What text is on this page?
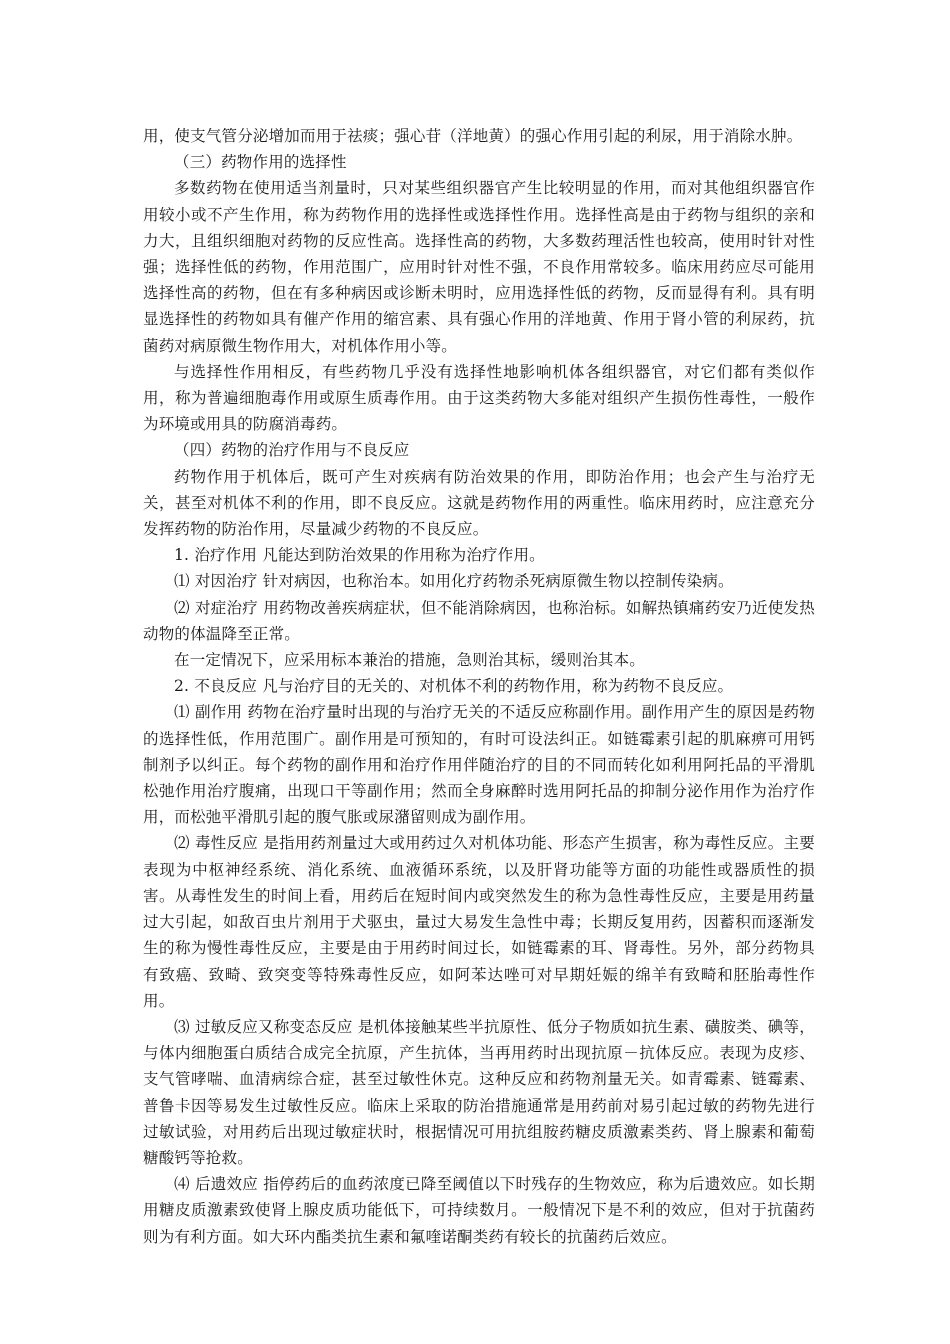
用，使支气管分泌增加而用于祛痰；强心苷（洋地黄）的强心作用引起的利尿，用于消除水肿。

（三）药物作用的选择性

多数药物在使用适当剂量时，只对某些组织器官产生比较明显的作用，而对其他组织器官作用较小或不产生作用，称为药物作用的选择性或选择性作用。选择性高是由于药物与组织的亲和力大，且组织细胞对药物的反应性高。选择性高的药物，大多数药理活性也较高，使用时针对性强；选择性低的药物，作用范围广，应用时针对性不强，不良作用常较多。临床用药应尽可能用选择性高的药物，但在有多种病因或诊断未明时，应用选择性低的药物，反而显得有利。具有明显选择性的药物如具有催产作用的缩宫素、具有强心作用的洋地黄、作用于肾小管的利尿药，抗菌药对病原微生物作用大，对机体作用小等。

与选择性作用相反，有些药物几乎没有选择性地影响机体各组织器官，对它们都有类似作用，称为普遍细胞毒作用或原生质毒作用。由于这类药物大多能对组织产生损伤性毒性，一般作为环境或用具的防腐消毒药。

（四）药物的治疗作用与不良反应

药物作用于机体后，既可产生对疾病有防治效果的作用，即防治作用；也会产生与治疗无关，甚至对机体不利的作用，即不良反应。这就是药物作用的两重性。临床用药时，应注意充分发挥药物的防治作用，尽量减少药物的不良反应。

1. 治疗作用 凡能达到防治效果的作用称为治疗作用。

⑴ 对因治疗 针对病因，也称治本。如用化疗药物杀死病原微生物以控制传染病。

⑵ 对症治疗 用药物改善疾病症状，但不能消除病因，也称治标。如解热镇痛药安乃近使发热动物的体温降至正常。

在一定情况下，应采用标本兼治的措施，急则治其标，缓则治其本。

2. 不良反应 凡与治疗目的无关的、对机体不利的药物作用，称为药物不良反应。

⑴ 副作用 药物在治疗量时出现的与治疗无关的不适反应称副作用。副作用产生的原因是药物的选择性低，作用范围广。副作用是可预知的，有时可设法纠正。如链霉素引起的肌麻痹可用钙制剂予以纠正。每个药物的副作用和治疗作用伴随治疗的目的不同而转化如利用阿托品的平滑肌松弛作用治疗腹痛，出现口干等副作用；然而全身麻醉时选用阿托品的抑制分泌作用作为治疗作用，而松弛平滑肌引起的腹气胀或尿潴留则成为副作用。

⑵ 毒性反应 是指用药剂量过大或用药过久对机体功能、形态产生损害，称为毒性反应。主要表现为中枢神经系统、消化系统、血液循环系统，以及肝肾功能等方面的功能性或器质性的损害。从毒性发生的时间上看，用药后在短时间内或突然发生的称为急性毒性反应，主要是用药量过大引起，如敌百虫片剂用于犬驱虫，量过大易发生急性中毒；长期反复用药，因蓄积而逐渐发生的称为慢性毒性反应，主要是由于用药时间过长，如链霉素的耳、肾毒性。另外，部分药物具有致癌、致畸、致突变等特殊毒性反应，如阿苯达唑可对早期妊娠的绵羊有致畸和胚胎毒性作用。

⑶ 过敏反应又称变态反应 是机体接触某些半抗原性、低分子物质如抗生素、磺胺类、碘等，与体内细胞蛋白质结合成完全抗原，产生抗体，当再用药时出现抗原－抗体反应。表现为皮疹、支气管哮喘、血清病综合症，甚至过敏性休克。这种反应和药物剂量无关。如青霉素、链霉素、普鲁卡因等易发生过敏性反应。临床上采取的防治措施通常是用药前对易引起过敏的药物先进行过敏试验，对用药后出现过敏症状时，根据情况可用抗组胺药糖皮质激素类药、肾上腺素和葡萄糖酸钙等抢救。

⑷ 后遗效应 指停药后的血药浓度已降至阈值以下时残存的生物效应，称为后遗效应。如长期用糖皮质激素致使肾上腺皮质功能低下，可持续数月。一般情况下是不利的效应，但对于抗菌药则为有利方面。如大环内酯类抗生素和氟喹诺酮类药有较长的抗菌药后效应。
